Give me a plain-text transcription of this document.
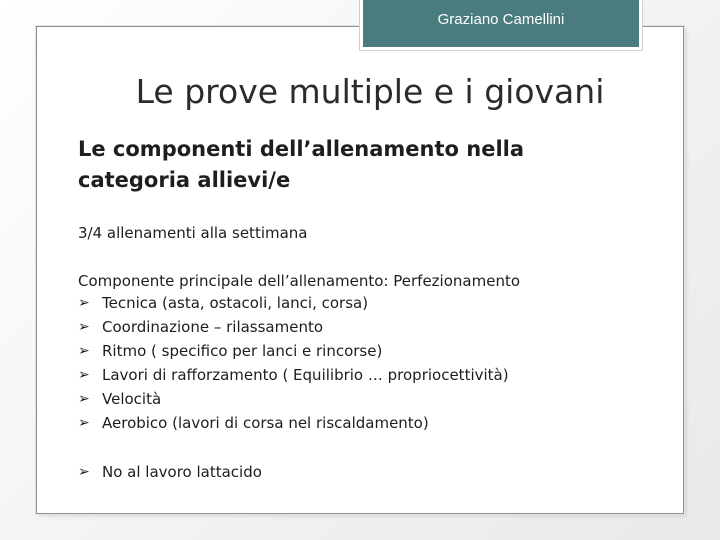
Graziano Camellini
Le prove multiple e i giovani
Le componenti dell’allenamento nella categoria allievi/e
3/4 allenamenti alla settimana
Componente principale dell’allenamento: Perfezionamento
➢ Tecnica (asta, ostacoli, lanci, corsa)
➢ Coordinazione – rilassamento
➢ Ritmo ( specifico per lanci e rincorse)
➢ Lavori di rafforzamento ( Equilibrio … propriocettività)
➢ Velocità
➢ Aerobico (lavori di corsa nel riscaldamento)
➢ No al lavoro lattacido
